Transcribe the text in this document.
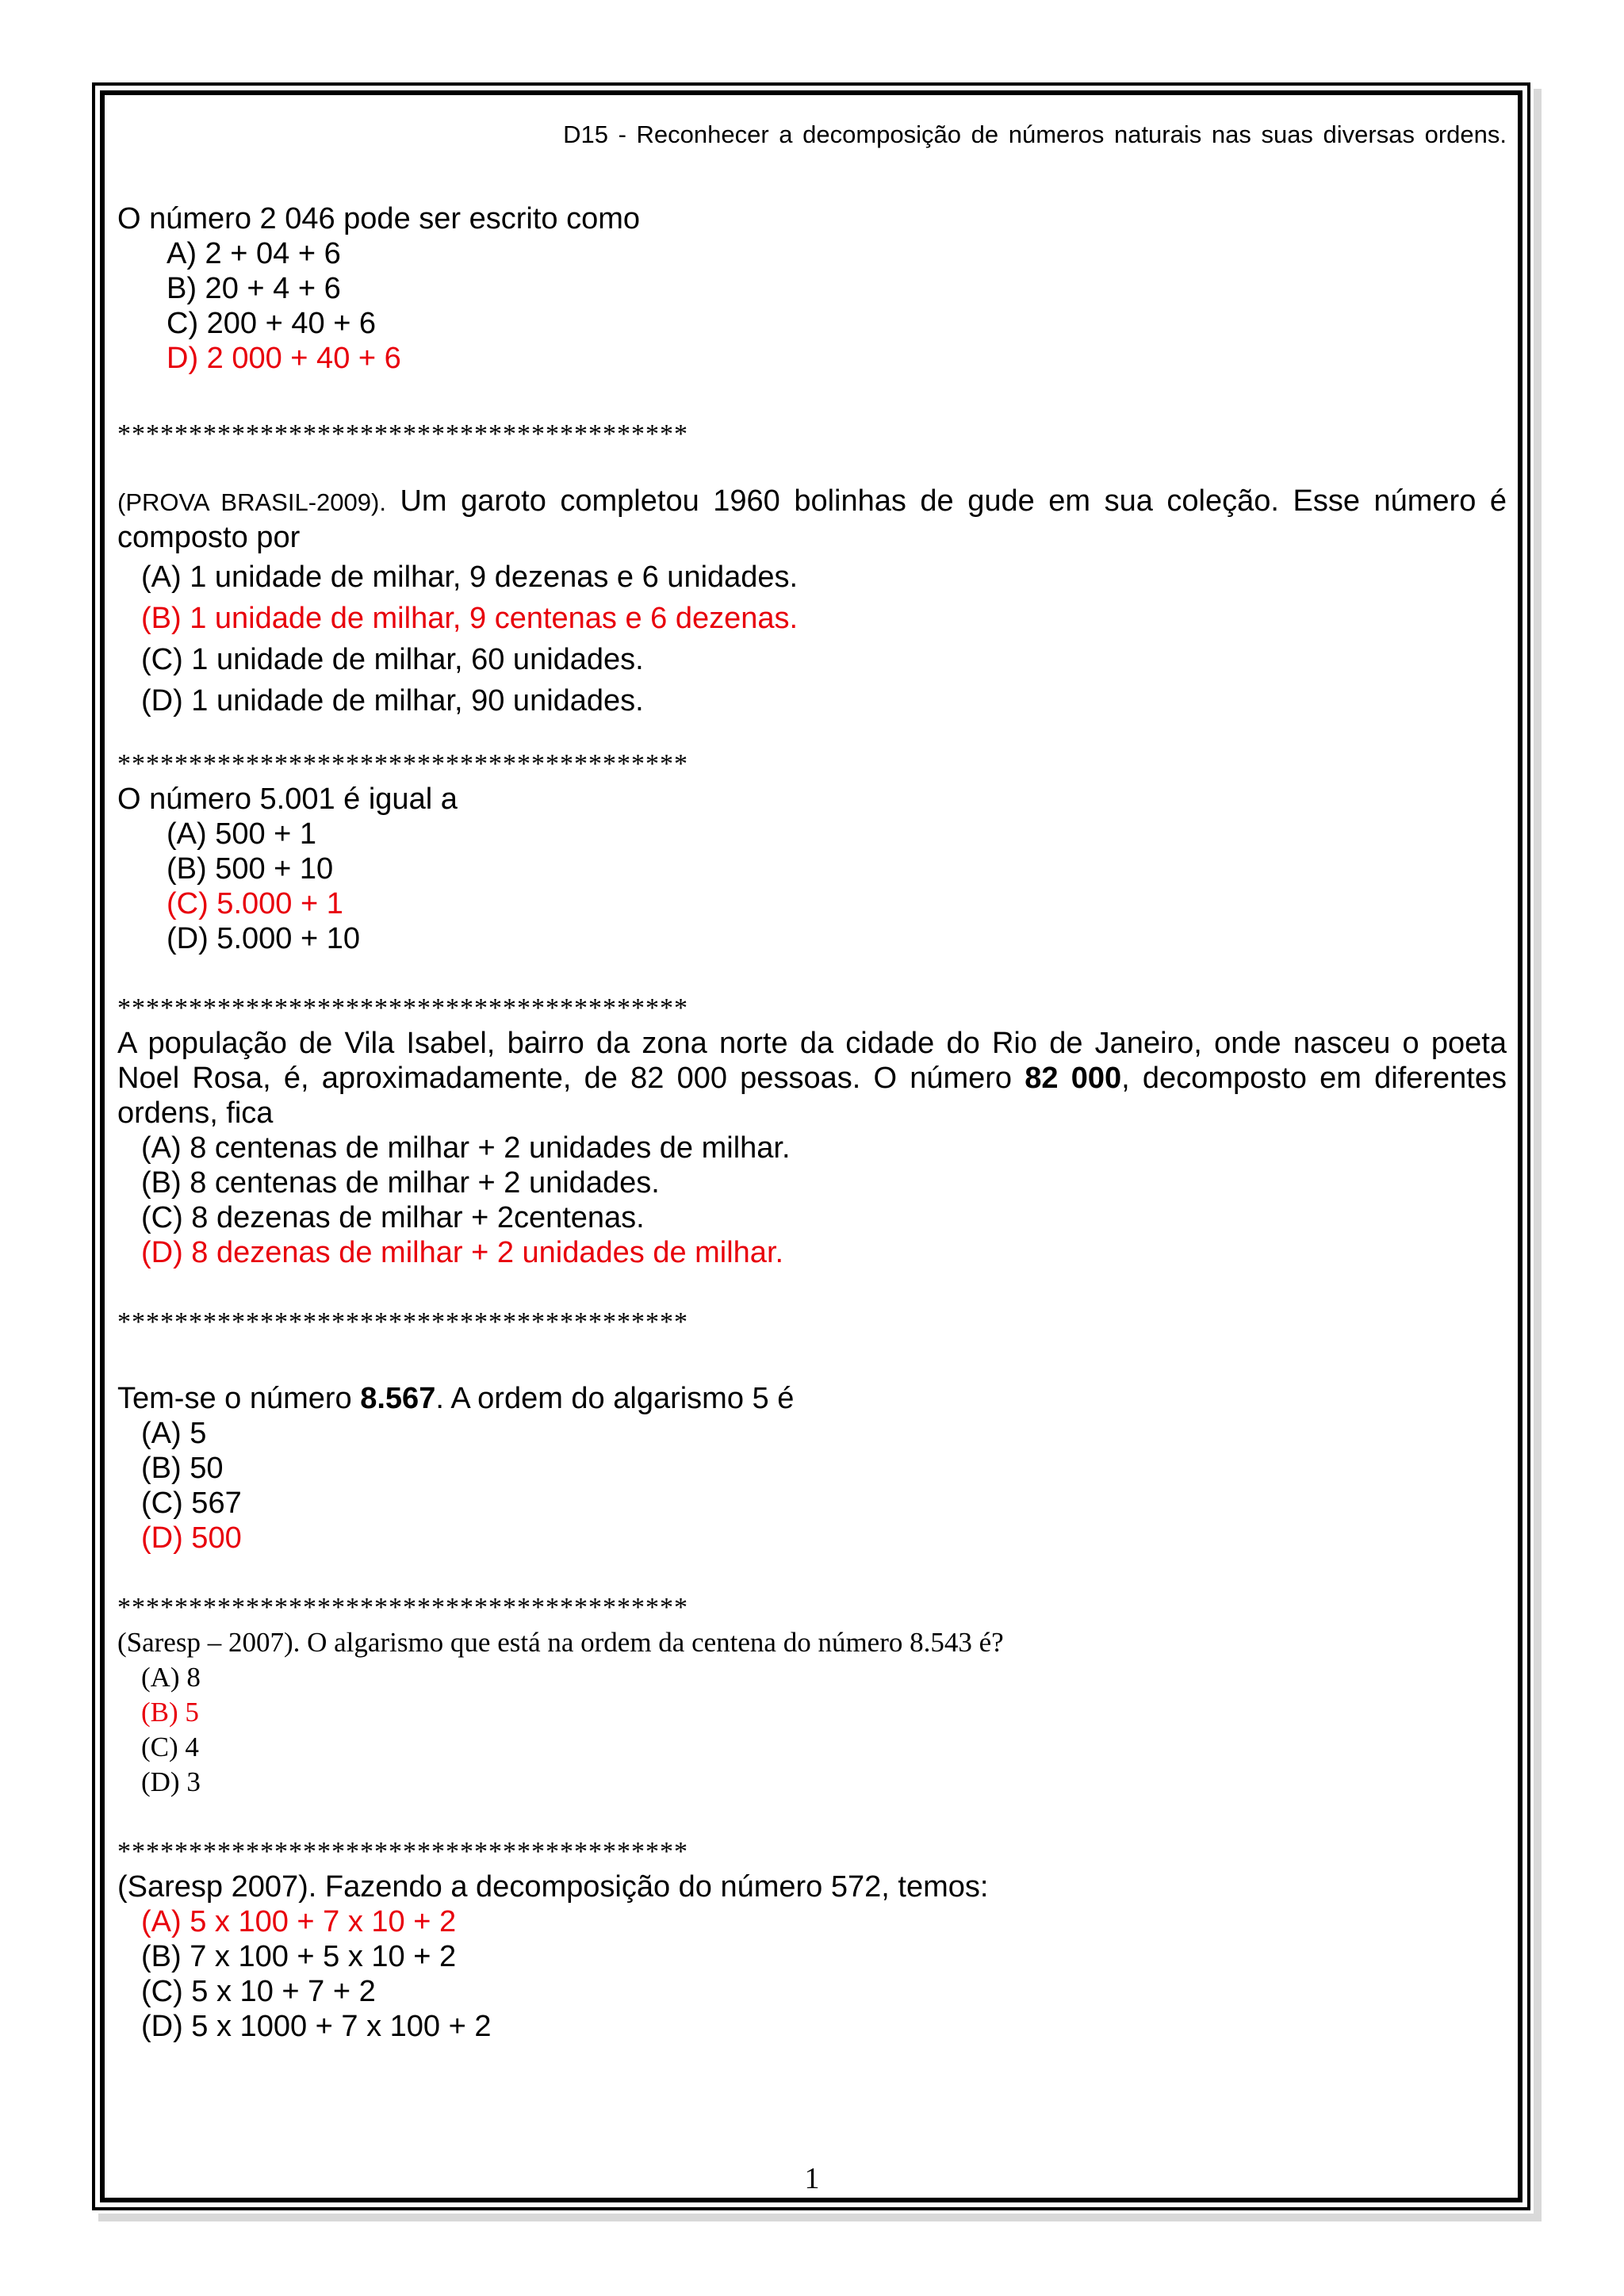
D15 - Reconhecer a decomposição de números naturais nas suas diversas ordens.

O número 2 046 pode ser escrito como

A) 2 + 04 + 6
B) 20 + 4 + 6
C) 200 + 40 + 6
D) 2 000 + 40 + 6
****************************************

(PROVA BRASIL-2009). Um garoto completou 1960 bolinhas de gude em sua coleção. Esse número é composto por

(A) 1 unidade de milhar, 9 dezenas e 6 unidades.
(B) 1 unidade de milhar, 9 centenas e 6 dezenas.
(C) 1 unidade de milhar, 60 unidades.
(D) 1 unidade de milhar, 90 unidades.
****************************************

O número 5.001 é igual a

(A) 500 + 1
(B) 500 + 10
(C) 5.000 + 1
(D) 5.000 + 10
****************************************

A população de Vila Isabel, bairro da zona norte da cidade do Rio de Janeiro, onde nasceu o poeta Noel Rosa, é, aproximadamente, de 82 000 pessoas. O número 82 000, decomposto em diferentes ordens, fica

(A) 8 centenas de milhar + 2 unidades de milhar.
(B) 8 centenas de milhar + 2 unidades.
(C) 8 dezenas de milhar + 2centenas.
(D) 8 dezenas de milhar + 2 unidades de milhar.
****************************************

Tem-se o número 8.567. A ordem do algarismo 5 é

(A) 5
(B) 50
(C) 567
(D) 500
****************************************

(Saresp – 2007). O algarismo que está na ordem da centena do número 8.543 é?

(A) 8
(B) 5
(C) 4
(D) 3
****************************************

(Saresp 2007). Fazendo a decomposição do número 572, temos:

(A) 5 x 100 + 7 x 10 + 2
(B) 7 x 100 + 5 x 10 + 2
(C) 5 x 10 + 7 + 2
(D) 5 x 1000 + 7 x 100 + 2
1
